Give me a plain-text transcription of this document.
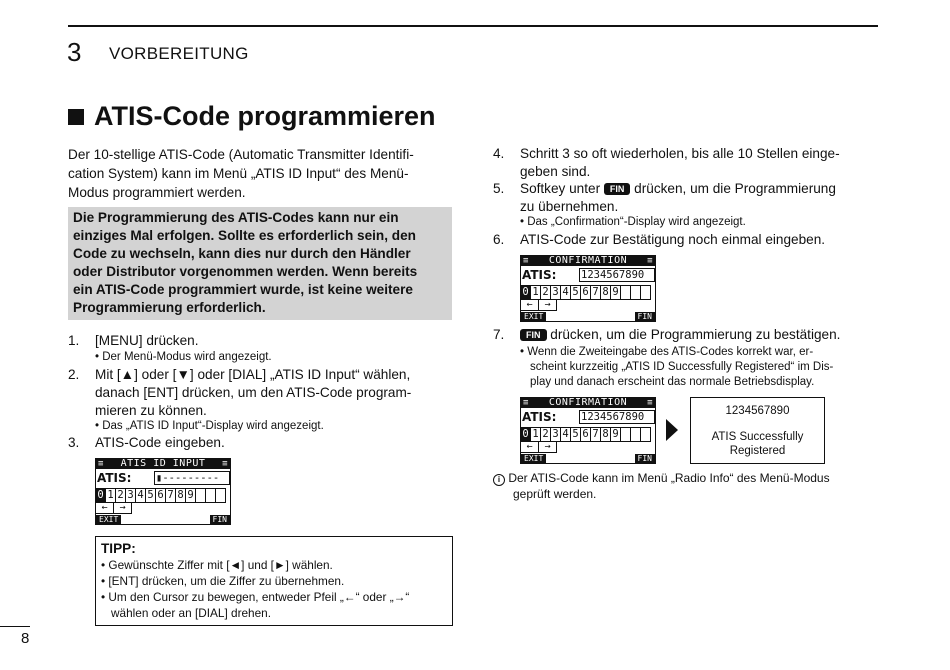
3 VORBEREITUNG
ATIS-Code programmieren

Der 10-stellige ATIS-Code (Automatic Transmitter Identifi-

cation System) kann im Menü „ATIS ID Input“ des Menü-

Modus programmiert werden.

Die Programmierung des ATIS-Codes kann nur ein
einziges Mal erfolgen. Sollte es erforderlich sein, den
Code zu wechseln, kann dies nur durch den Händler
oder Distributor vorgenommen werden. Wenn bereits
ein ATIS-Code programmiert wurde, ist keine weitere
Programmierung erforderlich.
1. [MENU] drücken.
• Der Menü-Modus wird angezeigt.
2. Mit [▲] oder [▼] oder [DIAL] „ATIS ID Input“ wählen,
danach [ENT] drücken, um den ATIS-Code program-
mieren zu können.
• Das „ATIS ID Input“-Display wird angezeigt.
3. ATIS-Code eingeben.
≡ ATIS ID INPUT ≡
ATIS: ▮---------
0 1 2 3 4 5 6 7 8 9
←	→
EXIT	FIN
TIPP:
• Gewünschte Ziffer mit [◄] und [►] wählen.
• [ENT] drücken, um die Ziffer zu übernehmen.
• Um den Cursor zu bewegen, entweder Pfeil „←“ oder „→“
wählen oder an [DIAL] drehen.
4. Schritt 3 so oft wiederholen, bis alle 10 Stellen einge-
geben sind.
5. Softkey unter FIN drücken, um die Programmierung
zu übernehmen.
• Das „Confirmation“-Display wird angezeigt.
6. ATIS-Code zur Bestätigung noch einmal eingeben.
≡ CONFIRMATION ≡
ATIS: 1234567890
0 1 2 3 4 5 6 7 8 9
←	→
EXIT	FIN
7.	FIN drücken, um die Programmierung zu bestätigen.
• Wenn die Zweiteingabe des ATIS-Codes korrekt war, er-
scheint kurzzeitig „ATIS ID Successfully Registered“ im Dis-
play und danach erscheint das normale Betriebsdisplay.
≡ CONFIRMATION ≡
ATIS: 1234567890
0 1 2 3 4 5 6 7 8 9
←	→
EXIT	FIN
1234567890
ATIS Successfully
Registered
i Der ATIS-Code kann im Menü „Radio Info“ des Menü-Modus
geprüft werden.
8
